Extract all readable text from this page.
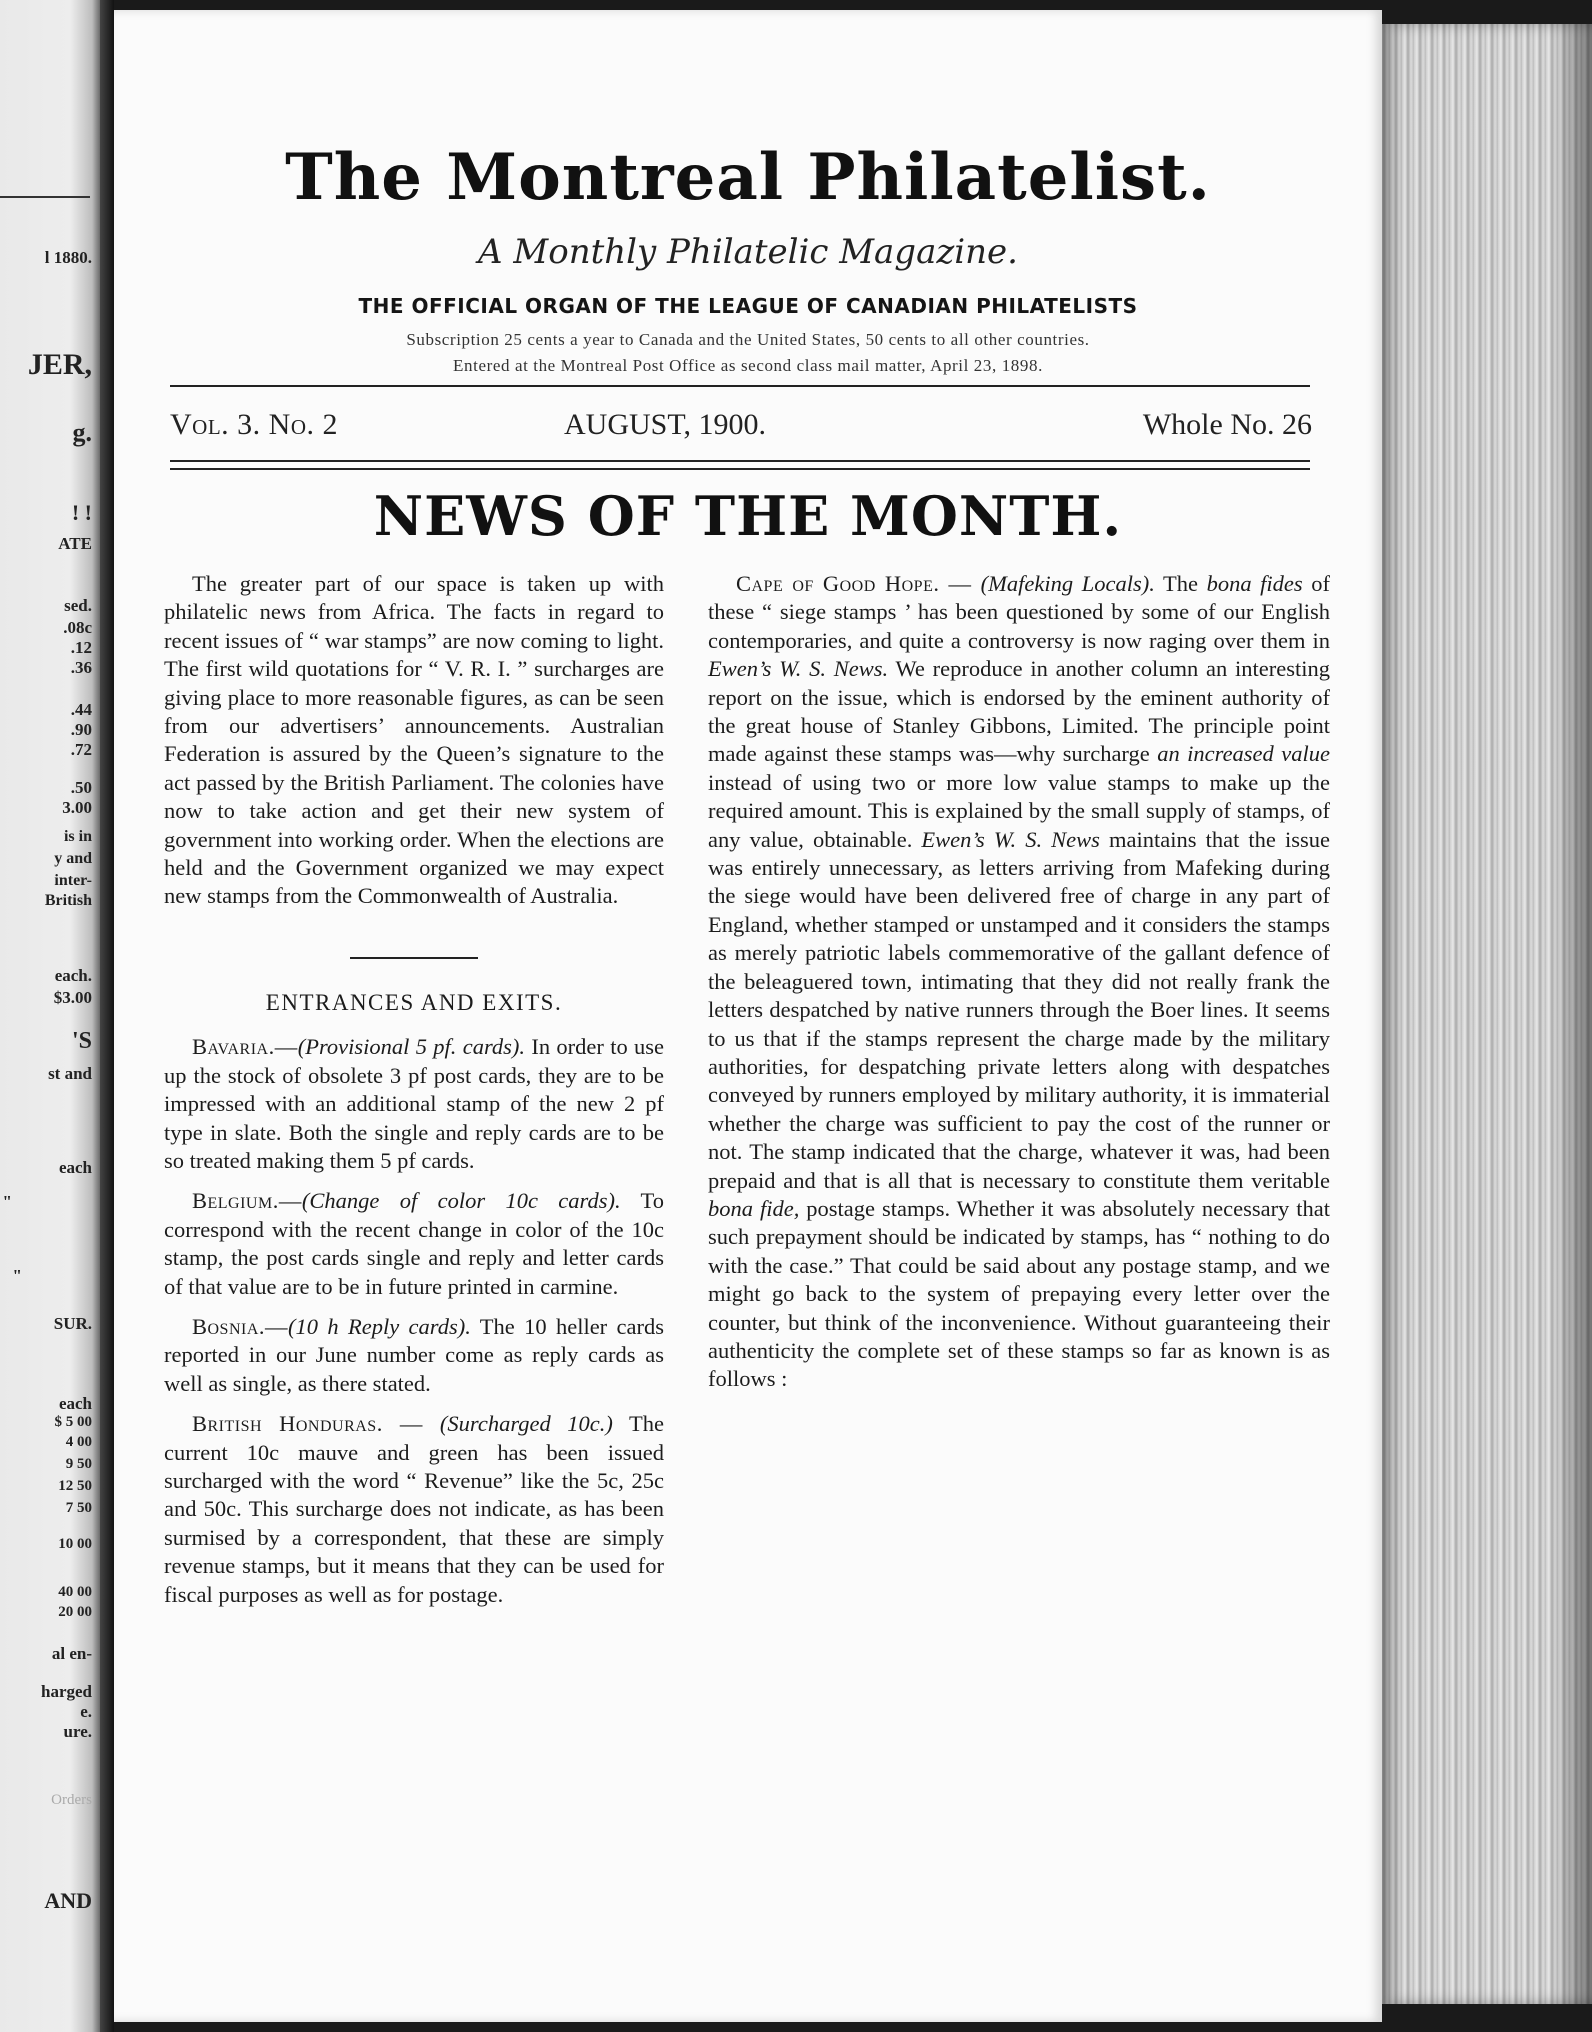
l 1880.
JER,
g.
! !
ATE
sed.
.08c
.12
.36
.44
.90
.72
.50
3.00
is in
y and
inter-
British
each.
$3.00
'S
st and
each
"
"
SUR.
each
$ 5 00
4 00
9 50
12 50
7 50
10 00
40 00
20 00
al en-
harged
e.
ure.
Orders
AND
The Montreal Philatelist.
A Monthly Philatelic Magazine.
THE OFFICIAL ORGAN OF THE LEAGUE OF CANADIAN PHILATELISTS
Subscription 25 cents a year to Canada and the United States, 50 cents to all other countries.
Entered at the Montreal Post Office as second class mail matter, April 23, 1898.
Vol. 3. No. 2	AUGUST, 1900.	Whole No. 26
NEWS OF THE MONTH.

The greater part of our space is taken up with philatelic news from Africa. The facts in regard to recent issues of “ war stamps” are now coming to light. The first wild quotations for “ V. R. I. ” surcharges are giving place to more reasonable figures, as can be seen from our advertisers’ announcements. Australian Federation is assured by the Queen’s signature to the act passed by the British Parliament. The colonies have now to take action and get their new system of government into working order. When the elections are held and the Government organized we may expect new stamps from the Commonwealth of Australia.

ENTRANCES AND EXITS.

Bavaria.—(Provisional 5 pf. cards). In order to use up the stock of obsolete 3 pf post cards, they are to be impressed with an additional stamp of the new 2 pf type in slate. Both the single and reply cards are to be so treated making them 5 pf cards.

Belgium.—(Change of color 10c cards). To correspond with the recent change in color of the 10c stamp, the post cards single and reply and letter cards of that value are to be in future printed in carmine.

Bosnia.—(10 h Reply cards). The 10 heller cards reported in our June number come as reply cards as well as single, as there stated.

British Honduras. — (Surcharged 10c.) The current 10c mauve and green has been issued surcharged with the word “ Revenue” like the 5c, 25c and 50c. This surcharge does not indicate, as has been surmised by a correspondent, that these are simply revenue stamps, but it means that they can be used for fiscal purposes as well as for postage.

Cape of Good Hope. — (Mafeking Locals). The bona fides of these “ siege stamps ’ has been questioned by some of our English contemporaries, and quite a controversy is now raging over them in Ewen’s W. S. News. We reproduce in another column an interesting report on the issue, which is endorsed by the eminent authority of the great house of Stanley Gibbons, Limited. The principle point made against these stamps was—why surcharge an increased value instead of using two or more low value stamps to make up the required amount. This is explained by the small supply of stamps, of any value, obtainable. Ewen’s W. S. News maintains that the issue was entirely unnecessary, as letters arriving from Mafeking during the siege would have been delivered free of charge in any part of England, whether stamped or unstamped and it considers the stamps as merely patriotic labels commemorative of the gallant defence of the beleaguered town, intimating that they did not really frank the letters despatched by native runners through the Boer lines. It seems to us that if the stamps represent the charge made by the military authorities, for despatching private letters along with despatches conveyed by runners employed by military authority, it is immaterial whether the charge was sufficient to pay the cost of the runner or not. The stamp indicated that the charge, whatever it was, had been prepaid and that is all that is necessary to constitute them veritable bona fide, postage stamps. Whether it was absolutely necessary that such prepayment should be indicated by stamps, has “ nothing to do with the case.” That could be said about any postage stamp, and we might go back to the system of prepaying every letter over the counter, but think of the inconvenience. Without guaranteeing their authenticity the complete set of these stamps so far as known is as follows :
